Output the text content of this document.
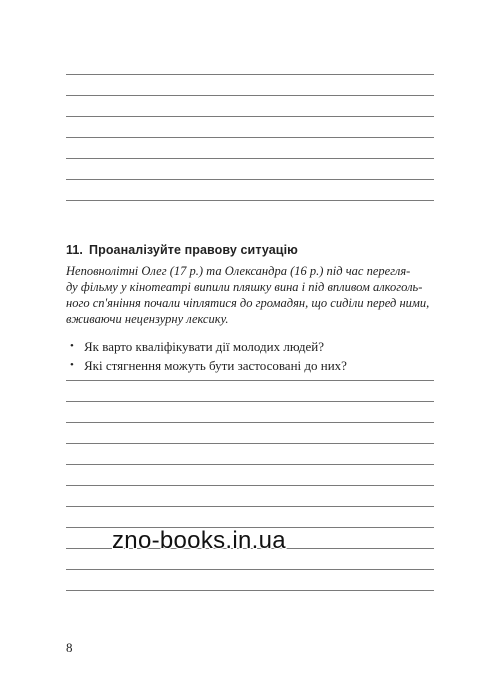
11. Проаналізуйте правову ситуацію

Неповнолітні Олег (17 р.) та Олександра (16 р.) під час перегля-
ду фільму у кінотеатрі випили пляшку вина і під впливом алкоголь-
ного сп'яніння почали чіплятися до громадян, що сиділи перед ними,
вживаючи нецензурну лексику.

• Як варто кваліфікувати дії молодих людей?
• Які стягнення можуть бути застосовані до них?
zno-books.in.ua
8
